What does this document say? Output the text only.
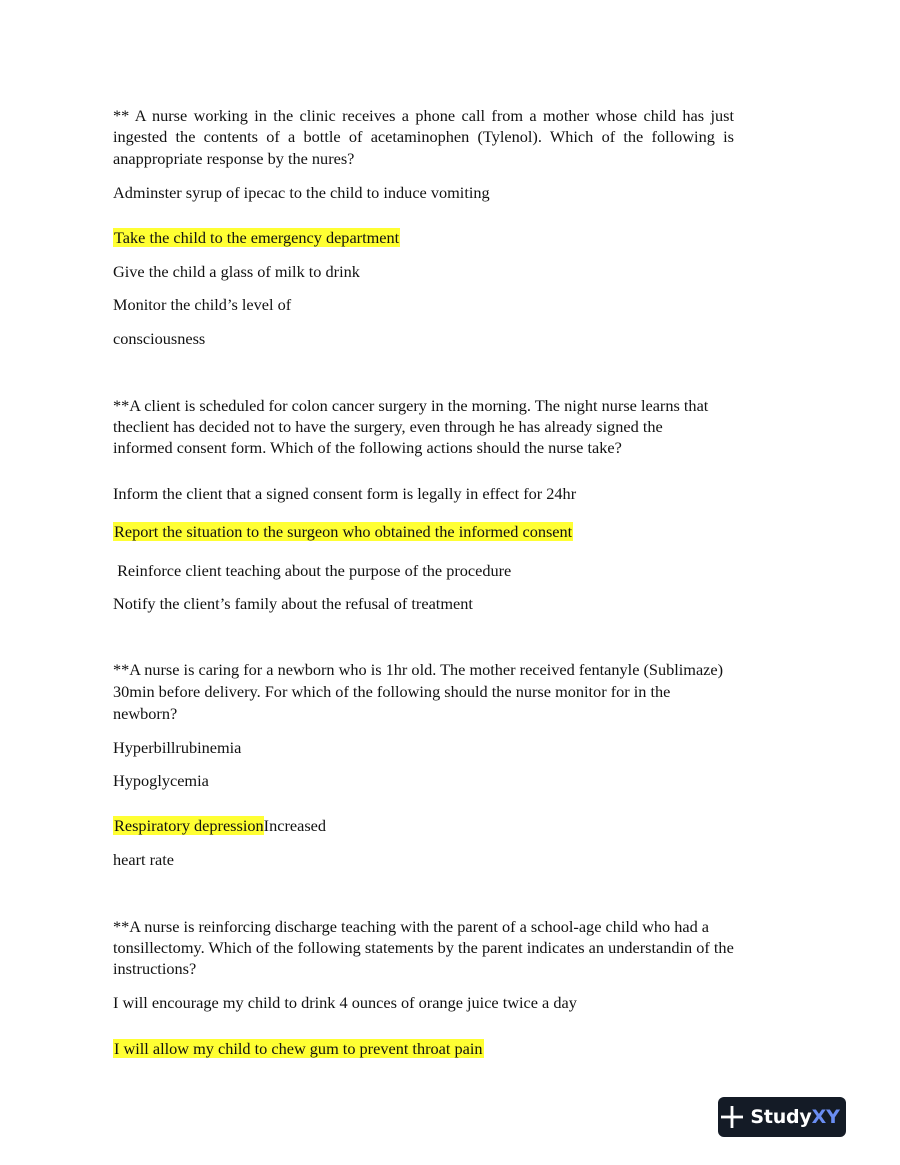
** A nurse working in the clinic receives a phone call from a mother whose child has just ingested the contents of a bottle of acetaminophen (Tylenol). Which of the following is anappropriate response by the nures?

Adminster syrup of ipecac to the child to induce vomiting

Take the child to the emergency department

Give the child a glass of milk to drink

Monitor the child’s level of

consciousness

**A client is scheduled for colon cancer surgery in the morning. The night nurse learns that

theclient has decided not to have the surgery, even through he has already signed the

informed consent form. Which of the following actions should the nurse take?

Inform the client that a signed consent form is legally in effect for 24hr

Report the situation to the surgeon who obtained the informed consent

Reinforce client teaching about the purpose of the procedure

Notify the client’s family about the refusal of treatment

**A nurse is caring for a newborn who is 1hr old. The mother received fentanyle (Sublimaze)

30min before delivery. For which of the following should the nurse monitor for in the

newborn?

Hyperbillrubinemia

Hypoglycemia

Respiratory depressionIncreased

heart rate

**A nurse is reinforcing discharge teaching with the parent of a school-age child who had a

tonsillectomy. Which of the following statements by the parent indicates an understandin of the

instructions?

I will encourage my child to drink 4 ounces of orange juice twice a day

I will allow my child to chew gum to prevent throat pain

StudyXY
